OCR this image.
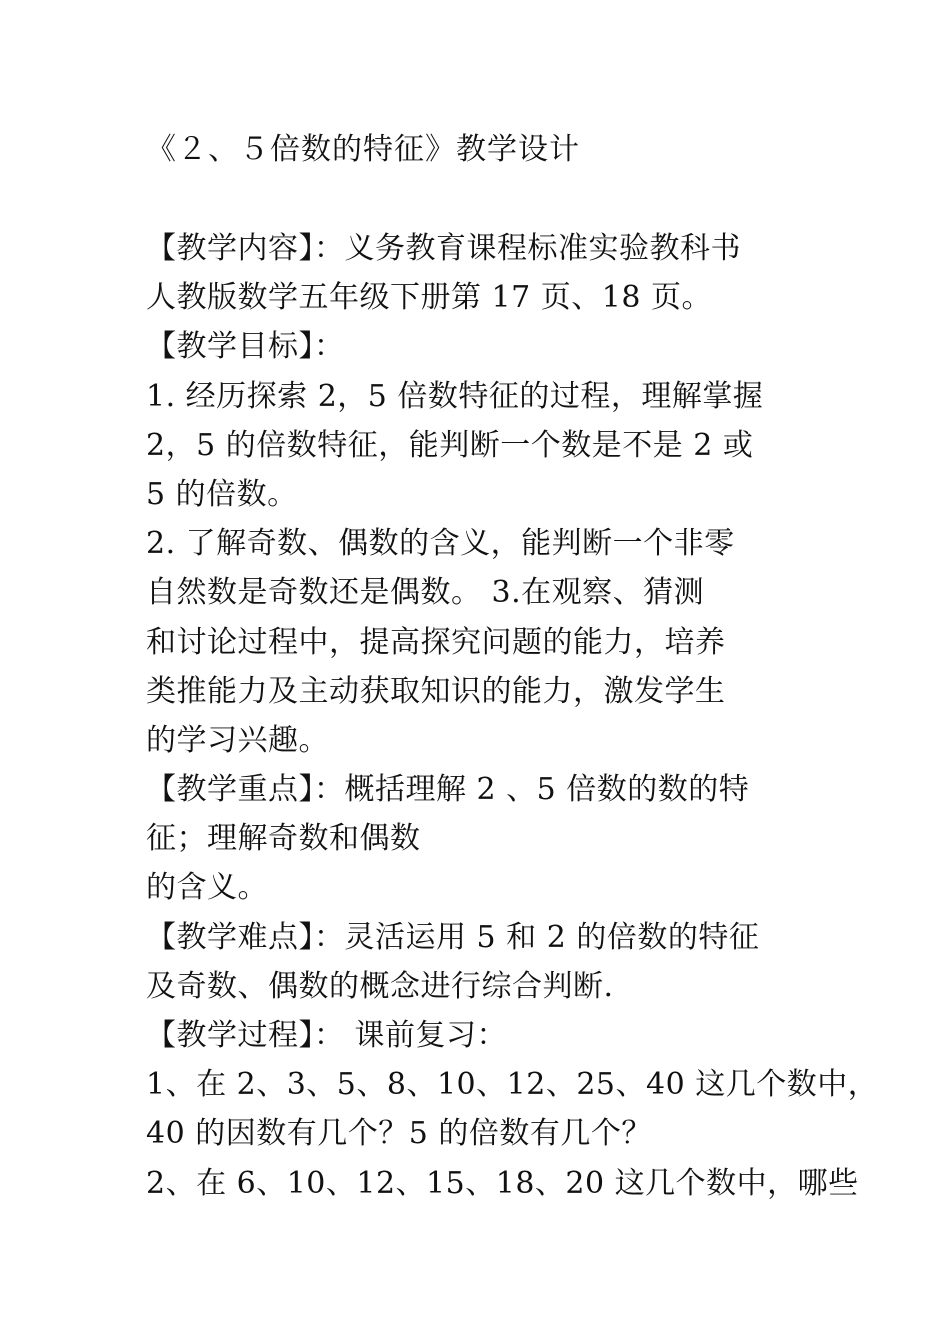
《２、５倍数的特征》教学设计
【教学内容】：义务教育课程标准实验教科书
人教版数学五年级下册第 17 页、18 页。
【教学目标】：
1. 经历探索 2，5 倍数特征的过程，理解掌握
2，5 的倍数特征，能判断一个数是不是 2 或
5 的倍数。
2. 了解奇数、偶数的含义，能判断一个非零
自然数是奇数还是偶数。 3.在观察、猜测
和讨论过程中，提高探究问题的能力，培养
类推能力及主动获取知识的能力，激发学生
的学习兴趣。
【教学重点】：概括理解 2 、5 倍数的数的特
征；理解奇数和偶数
的含义。
【教学难点】：灵活运用 5 和 2 的倍数的特征
及奇数、偶数的概念进行综合判断.
【教学过程】： 课前复习：
1、在 2、3、5、8、10、12、25、40 这几个数中，
40 的因数有几个？5 的倍数有几个？
2、在 6、10、12、15、18、20 这几个数中，哪些
